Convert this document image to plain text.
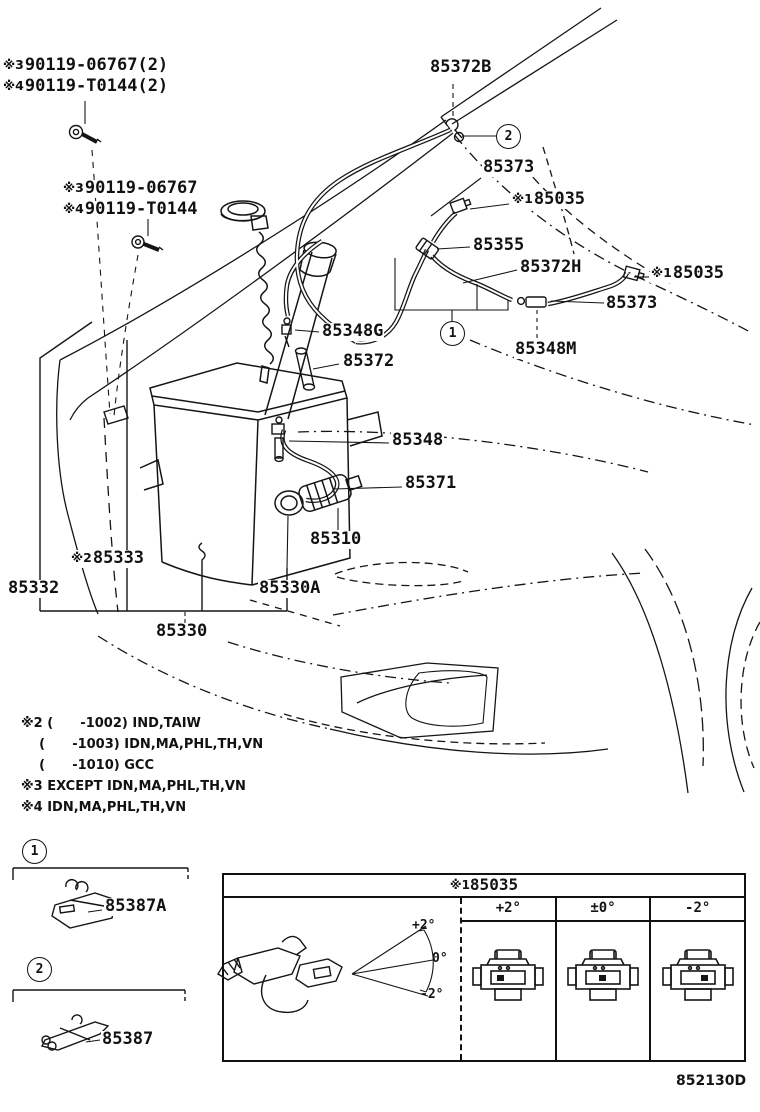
※185035
+2°	±0°	-2°
※390119-06767(2)
※490119-T0144(2)
※390119-06767
※490119-T0144
85372B
85373
※185035
85355
85372H	※185035
85373
85348M
85348G
85372
85348
85371
85310
※285333
85332	85330A
85330
85387A
85387
2
1
1
2
※2 (      -1002) IND,TAIW
(      -1003) IDN,MA,PHL,TH,VN
(      -1010) GCC
※3 EXCEPT IDN,MA,PHL,TH,VN
※4 IDN,MA,PHL,TH,VN
+2°
0°
-2°
852130D
